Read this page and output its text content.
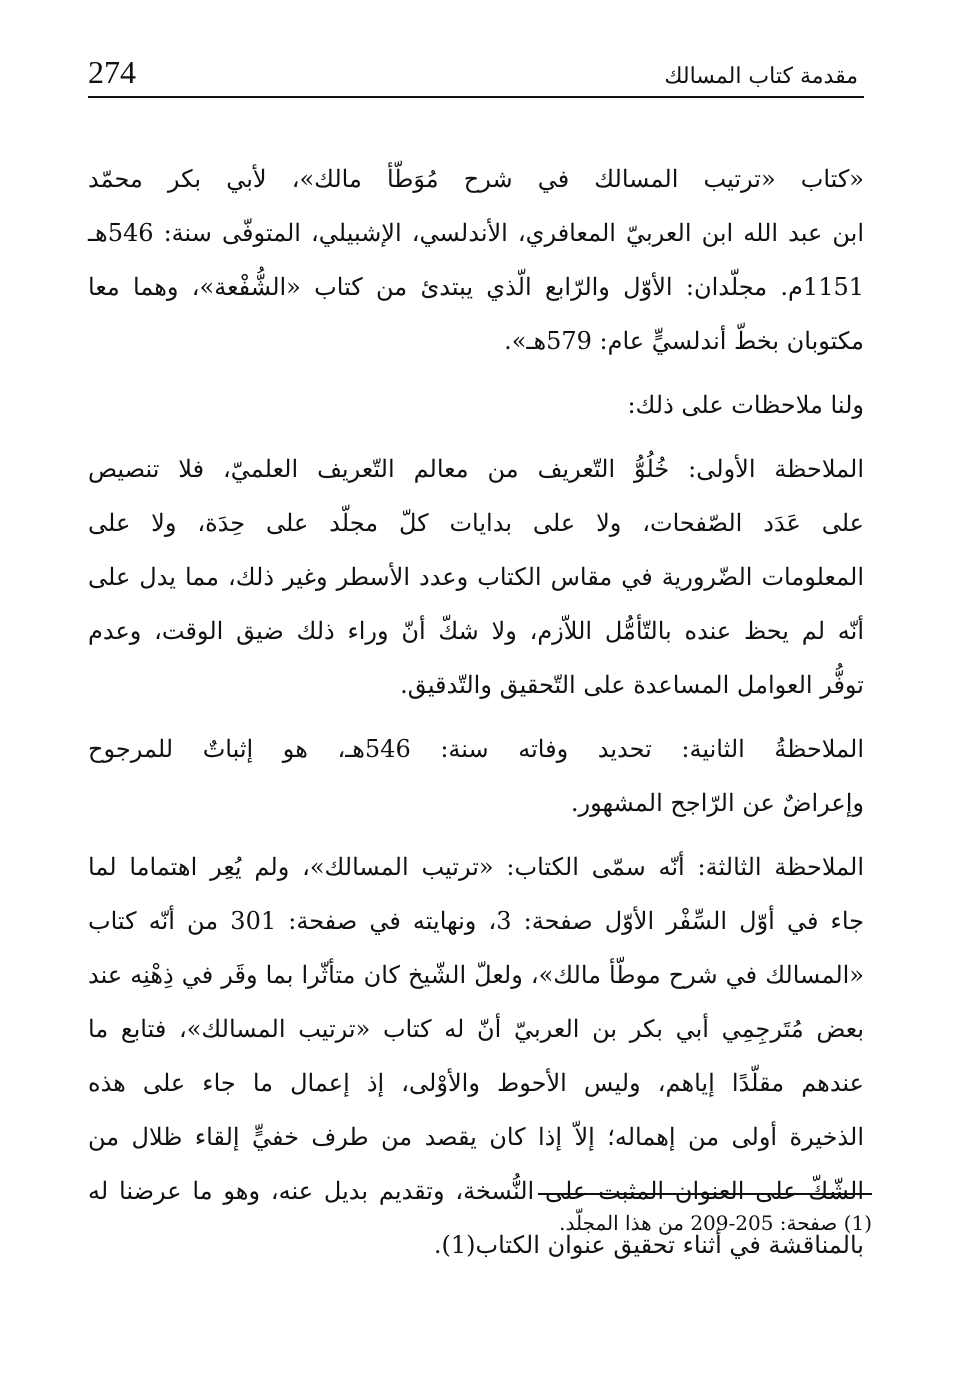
274	مقدمة كتاب المسالك

«كتاب «ترتيب المسالك في شرح مُوَطّأ مالك»، لأبي بكر محمّد
ابن عبد الله ابن العربيّ المعافري، الأندلسي، الإشبيلي، المتوفّى سنة: 546هـ
1151م. مجلّدان: الأوّل والرّابع الّذي يبتدئ من كتاب «الشُّفْعة»، وهما معا
مكتوبان بخطّ أندلسيٍّ عام: 579هـ».

ولنا ملاحظات على ذلك:

الملاحظة الأولى: خُلُوُّ التّعريف من معالم التّعريف العلميّ، فلا تنصيص
على عَدَد الصّفحات، ولا على بدايات كلّ مجلّد على حِدَة، ولا على
المعلومات الضّرورية في مقاس الكتاب وعدد الأسطر وغير ذلك، مما يدل على
أنّه لم يحظ عنده بالتّأمُّل اللاّزم، ولا شكّ أنّ وراء ذلك ضيق الوقت، وعدم
توفُّر العوامل المساعدة على التّحقيق والتّدقيق.

الملاحظةُ الثانية: تحديد وفاته سنة: 546هـ، هو إثباتٌ للمرجوح
وإعراضٌ عن الرّاجح المشهور.

الملاحظة الثالثة: أنّه سمّى الكتاب: «ترتيب المسالك»، ولم يُعِر اهتماما لما
جاء في أوّل السِّفْر الأوّل صفحة: 3، ونهايته في صفحة: 301 من أنّه كتاب
«المسالك في شرح موطّأ مالك»، ولعلّ الشّيخ كان متأثّرا بما وقَر في ذِهْنِه عند
بعض مُتَرجِمِي أبي بكر بن العربيّ أنّ له كتاب «ترتيب المسالك»، فتابع ما
عندهم مقلّدًا إياهم، وليس الأحوط والأوْلى، إذ إعمال ما جاء على هذه
الذخيرة أولى من إهماله؛ إلاّ إذا كان يقصد من طرف خفيٍّ إلقاء ظلال من
الشّكّ على العنوان المثبت على النُّسخة، وتقديم بديل عنه، وهو ما عرضنا له
بالمناقشة في أثناء تحقيق عنوان الكتاب(1).

(1) صفحة: 205-209 من هذا المجلّد.
